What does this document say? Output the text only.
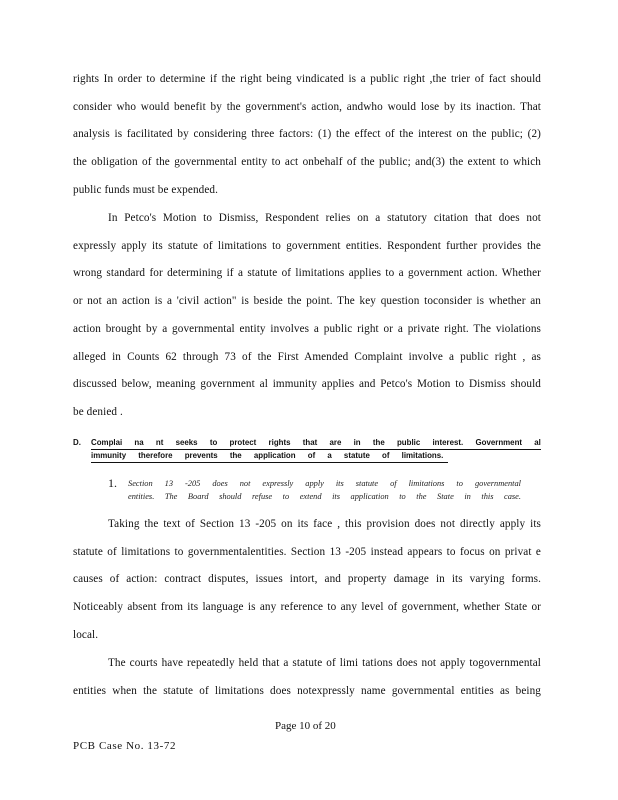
rights In order to determine if the right being vindicated is a public right ,the trier of fact should
consider who would benefit by the government's action, andwho would lose by its inaction. That
analysis is facilitated by considering three factors: (1) the effect of the interest on the public; (2)
the obligation of the governmental entity to act onbehalf of the public; and(3) the extent to which
public funds must be expended.
In Petco's Motion to Dismiss, Respondent relies on a statutory citation that does not
expressly apply its statute of limitations to government entities. Respondent further provides the
wrong standard for determining if a statute of limitations applies to a government action. Whether
or not an action is a 'civil action" is beside the point. The key question toconsider is whether an
action brought by a governmental entity involves a public right or a private right. The violations
alleged in Counts 62 through 73 of the First Amended Complaint involve a public right , as
discussed below, meaning government al immunity applies and Petco's Motion to Dismiss should
be denied .
D. Complai na nt seeks to protect rights that are in the public interest. Government al
immunity therefore prevents the application of a statute of limitations.
1. Section 13 -205 does not expressly apply its statute of limitations to governmental
entities. The Board should refuse to extend its application to the State in this case.
Taking the text of Section 13 -205 on its face , this provision does not directly apply its
statute of limitations to governmentalentities. Section 13 -205 instead appears to focus on privat e
causes of action: contract disputes, issues intort, and property damage in its varying forms.
Noticeably absent from its language is any reference to any level of government, whether State or
local.
The courts have repeatedly held that a statute of limi tations does not apply togovernmental
entities when the statute of limitations does notexpressly name governmental entities as being
Page 10 of 20
PCB Case No. 13-72
